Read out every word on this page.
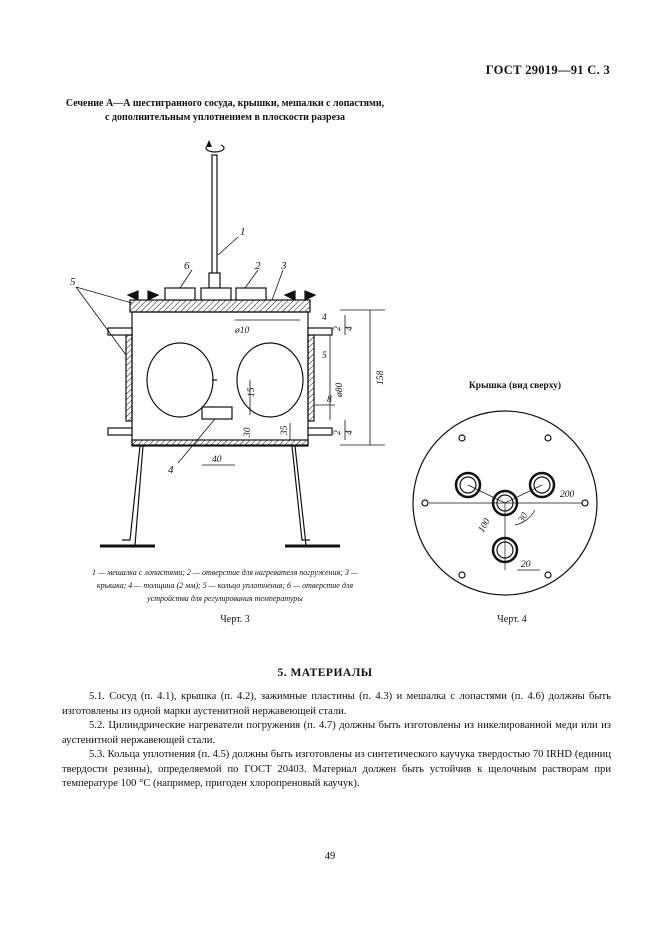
ГОСТ 29019—91 С. 3
Сечение А—А шестигранного сосуда, крышки, мешалки с лопастями,
с дополнительным уплотнением в плоскости разреза
1
2 3
4
5
6
ø10
4
2 4
5
ø80
158
15
8
30	35	2 4
40
1 — мешалка с лопастями; 2 — отверстие для нагревателя погружения; 3 —
крышка; 4 — толщина (2 мм); 5 — кольцо уплотнения; 6 — отверстие для
устройства для регулирования температуры
Черт. 3
Крышка (вид сверху)
200
100	30
20
Черт. 4
5. МАТЕРИАЛЫ
5.1. Сосуд (п. 4.1), крышка (п. 4.2), зажимные пластины (п. 4.3) и мешалка с лопастями (п. 4.6) должны быть изготовлены из одной марки аустенитной нержавеющей стали.
5.2. Цилиндрические нагреватели погружения (п. 4.7) должны быть изготовлены из никелированной меди или из аустенитной нержавеющей стали.
5.3. Кольца уплотнения (п. 4.5) должны быть изготовлены из синтетического каучука твердостью 70 IRHD (единиц твердости резины), определяемой по ГОСТ 20403. Материал должен быть устойчив к щелочным растворам при температуре 100 °С (например, пригоден хлоропреновый каучук).
49
